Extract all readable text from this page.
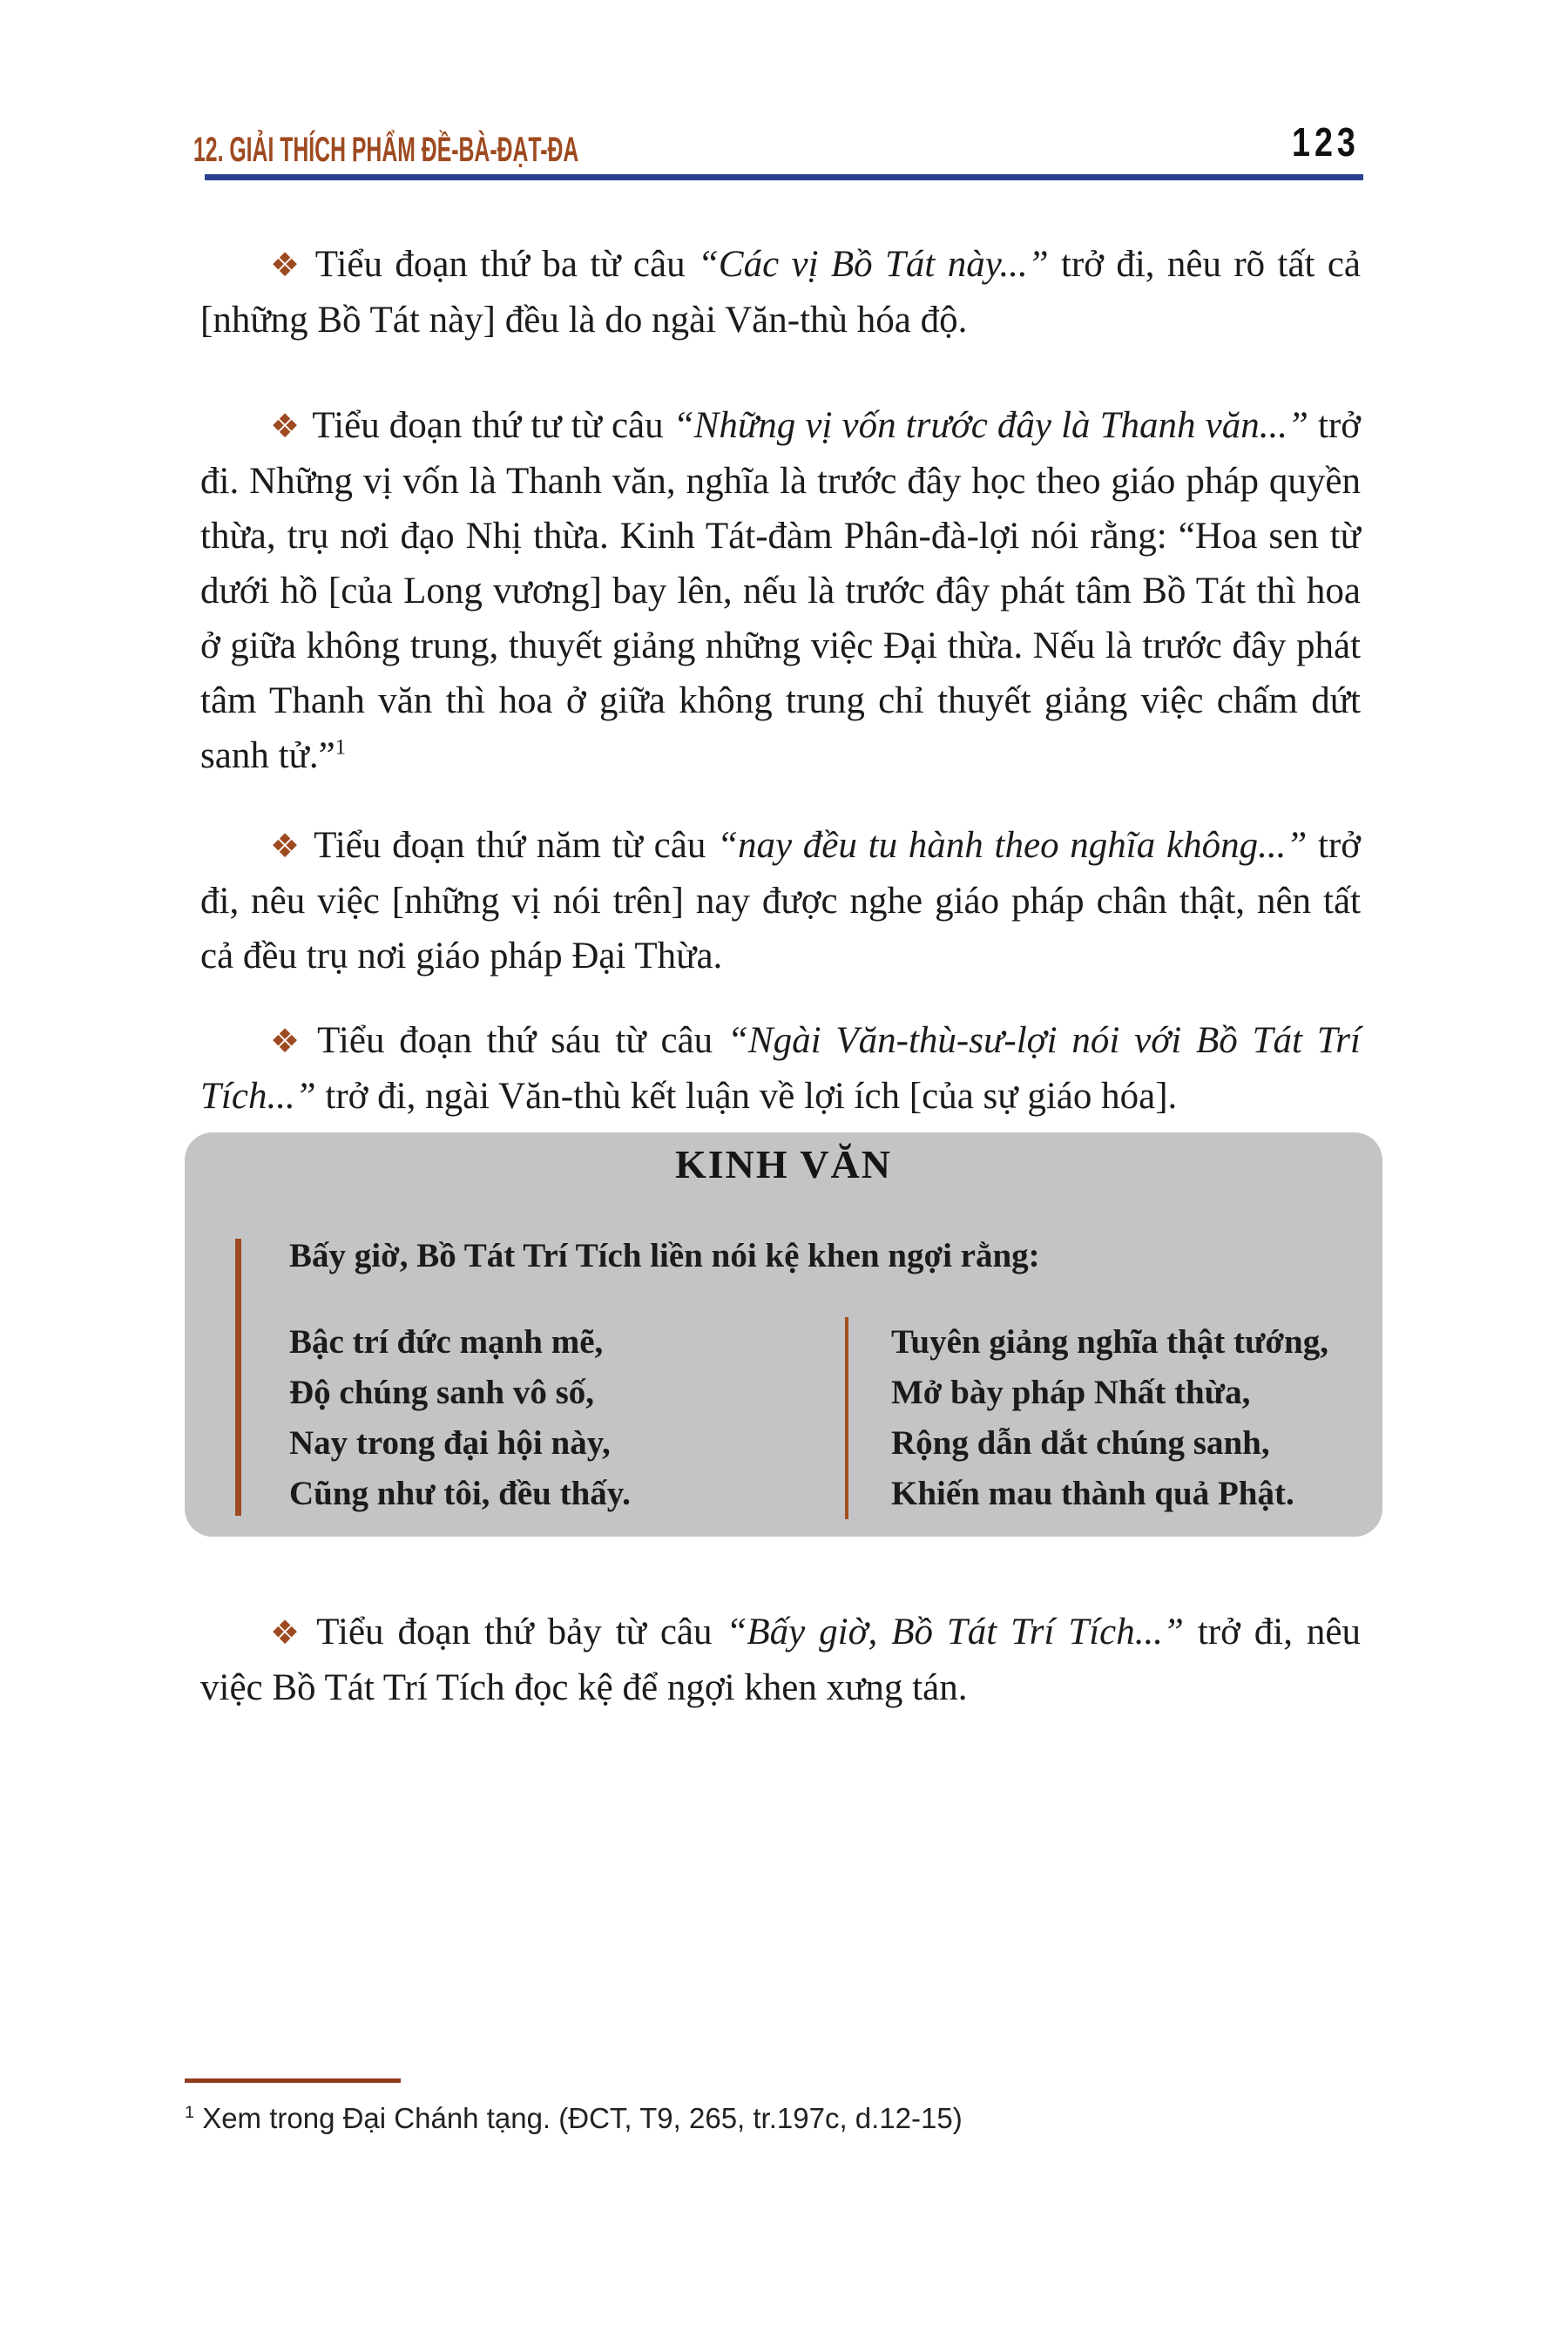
12. GIẢI THÍCH PHẨM ĐỀ-BÀ-ĐẠT-ĐA	123

❖ Tiểu đoạn thứ ba từ câu “Các vị Bồ Tát này...” trở đi, nêu rõ tất cả [những Bồ Tát này] đều là do ngài Văn-thù hóa độ.

❖ Tiểu đoạn thứ tư từ câu “Những vị vốn trước đây là Thanh văn...” trở đi. Những vị vốn là Thanh văn, nghĩa là trước đây học theo giáo pháp quyền thừa, trụ nơi đạo Nhị thừa. Kinh Tát-đàm Phân-đà-lợi nói rằng: “Hoa sen từ dưới hồ [của Long vương] bay lên, nếu là trước đây phát tâm Bồ Tát thì hoa ở giữa không trung, thuyết giảng những việc Đại thừa. Nếu là trước đây phát tâm Thanh văn thì hoa ở giữa không trung chỉ thuyết giảng việc chấm dứt sanh tử.”$^1$

❖ Tiểu đoạn thứ năm từ câu “nay đều tu hành theo nghĩa không...” trở đi, nêu việc [những vị nói trên] nay được nghe giáo pháp chân thật, nên tất cả đều trụ nơi giáo pháp Đại Thừa.

❖ Tiểu đoạn thứ sáu từ câu “Ngài Văn-thù-sư-lợi nói với Bồ Tát Trí Tích...” trở đi, ngài Văn-thù kết luận về lợi ích [của sự giáo hóa].

KINH VĂN

Bấy giờ, Bồ Tát Trí Tích liền nói kệ khen ngợi rằng:

Bậc trí đức mạnh mẽ,
Độ chúng sanh vô số,
Nay trong đại hội này,
Cũng như tôi, đều thấy.
Tuyên giảng nghĩa thật tướng,
Mở bày pháp Nhất thừa,
Rộng dẫn dắt chúng sanh,
Khiến mau thành quả Phật.

❖ Tiểu đoạn thứ bảy từ câu “Bấy giờ, Bồ Tát Trí Tích...” trở đi, nêu việc Bồ Tát Trí Tích đọc kệ để ngợi khen xưng tán.

$^1$ Xem trong Đại Chánh tạng. (ĐCT, T9, 265, tr.197c, d.12-15)
